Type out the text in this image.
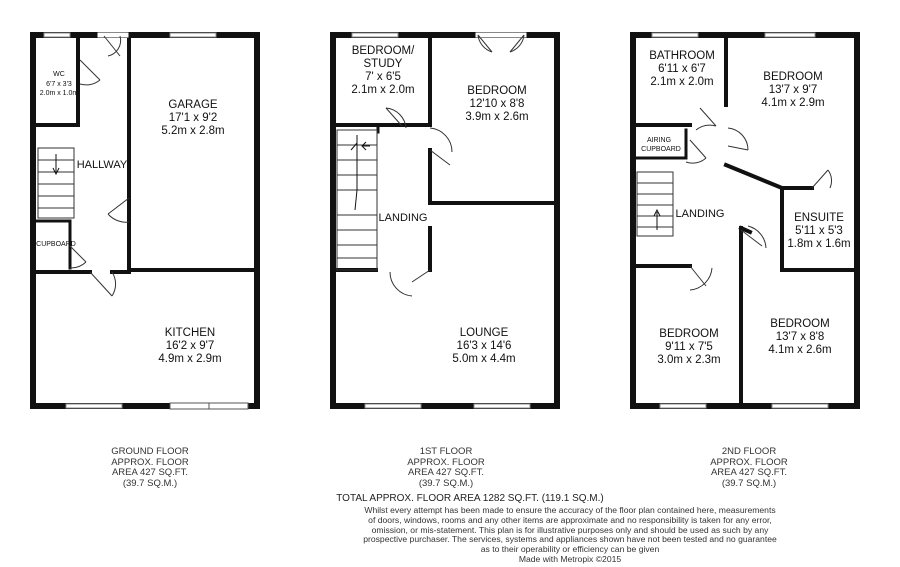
WC
6'7 x 3'3
2.0m x 1.0m
GARAGE
17'1 x 9'2
5.2m x 2.8m
HALLWAY
CUPBOARD
KITCHEN
16'2 x 9'7
4.9m x 2.9m
BEDROOM/
STUDY
7' x 6'5
2.1m x 2.0m	BEDROOM
12'10 x 8'8
3.9m x 2.6m
LANDING
LOUNGE
16'3 x 14'6
5.0m x 4.4m
BATHROOM
6'11 x 6'7
2.1m x 2.0m	BEDROOM
13'7 x 9'7
4.1m x 2.9m
AIRING
CUPBOARD
LANDING	ENSUITE
5'11 x 5'3
1.8m x 1.6m
BEDROOM
9'11 x 7'5
3.0m x 2.3m
BEDROOM
13'7 x 8'8
4.1m x 2.6m
GROUND FLOOR
APPROX. FLOOR
AREA 427 SQ.FT.
(39.7 SQ.M.)
1ST FLOOR
APPROX. FLOOR
AREA 427 SQ.FT.
(39.7 SQ.M.)
2ND FLOOR
APPROX. FLOOR
AREA 427 SQ.FT.
(39.7 SQ.M.)
TOTAL APPROX. FLOOR AREA 1282 SQ.FT. (119.1 SQ.M.)
Whilst every attempt has been made to ensure the accuracy of the floor plan contained here, measurements
of doors, windows, rooms and any other items are approximate and no responsibility is taken for any error,
omission, or mis-statement. This plan is for illustrative purposes only and should be used as such by any
prospective purchaser. The services, systems and appliances shown have not been tested and no guarantee
as to their operability or efficiency can be given
Made with Metropix ©2015
